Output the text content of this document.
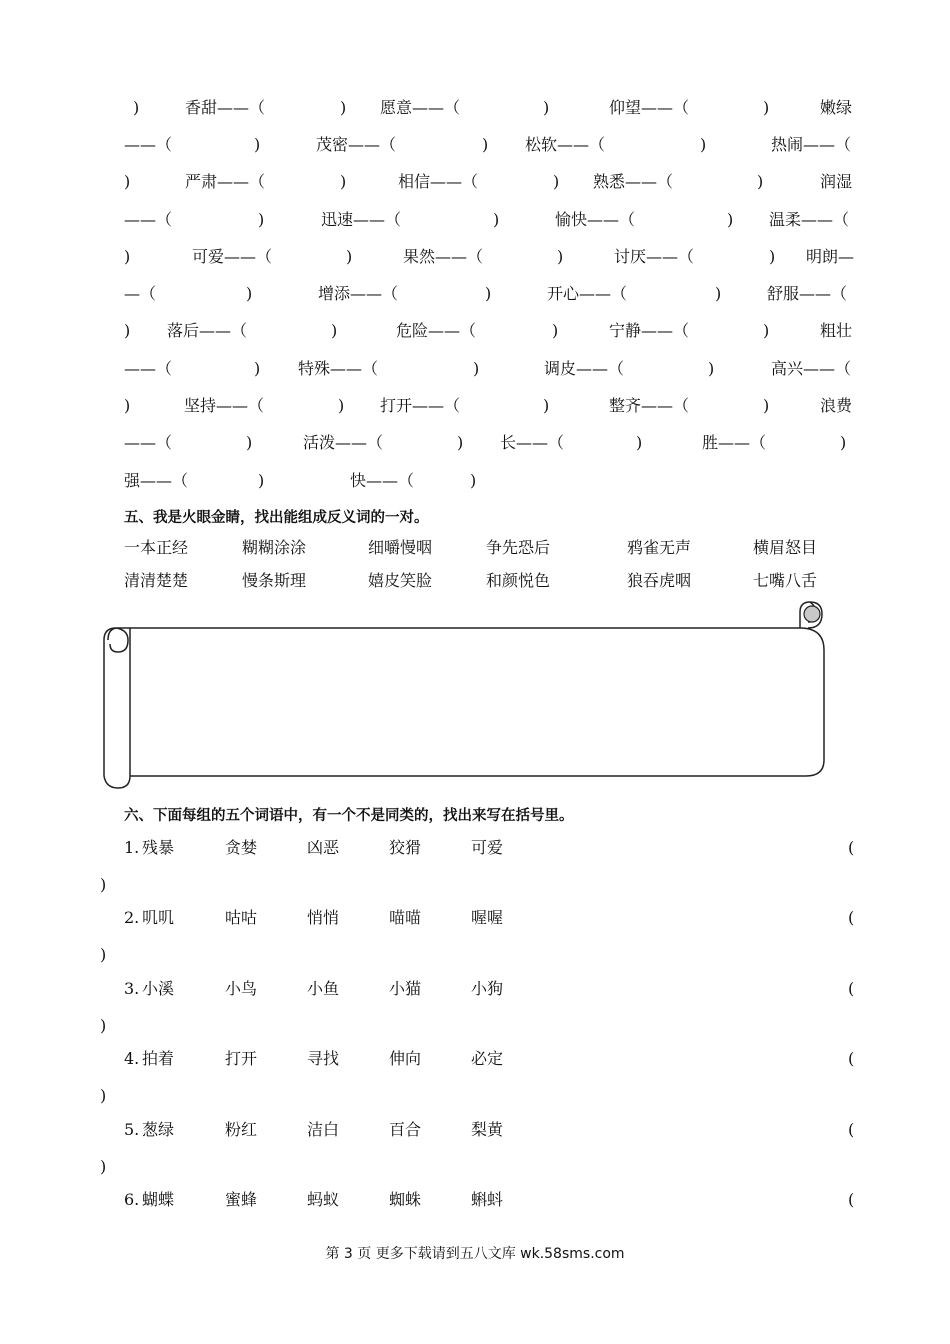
)	香甜——（	) 愿意——（	)	仰望——（	)	嫩绿
——（	)	茂密——（	) 松软——（	)	热闹——（
)	严肃——（	)	相信——（	) 熟悉——（	)	润湿
——（	)	迅速——（	)	愉快——（	) 温柔——（
)	可爱——（	)	果然——（	)	讨厌——（	) 明朗—
—（	)	增添——（	)	开心——（	)	舒服——（
) 落后——（	)	危险——（	)	宁静——（	)	粗壮
——（	) 特殊——（	)	调皮——（	)	高兴——（
)	坚持——（	) 打开——（	)	整齐——（	)	浪费
——（	)	活泼——（	) 长——（	)	胜——（	)
强——（	)	快——（	)
五、我是火眼金睛，找出能组成反义词的一对。
一本正经	糊糊涂涂	细嚼慢咽	争先恐后	鸦雀无声	横眉怒目
清清楚楚	慢条斯理	嬉皮笑脸	和颜悦色	狼吞虎咽	七嘴八舌
六、下面每组的五个词语中，有一个不是同类的，找出来写在括号里。
1. 残暴	贪婪	凶恶	狡猾	可爱	(
)
2. 叽叽	咕咕	悄悄	喵喵	喔喔	(
)
3. 小溪	小鸟	小鱼	小猫	小狗	(
)
4. 拍着	打开	寻找	伸向	必定	(
)
5. 葱绿	粉红	洁白	百合	梨黄	(
)
6. 蝴蝶	蜜蜂	蚂蚁	蜘蛛	蝌蚪	(
第 3 页 更多下载请到五八文库 wk.58sms.com
